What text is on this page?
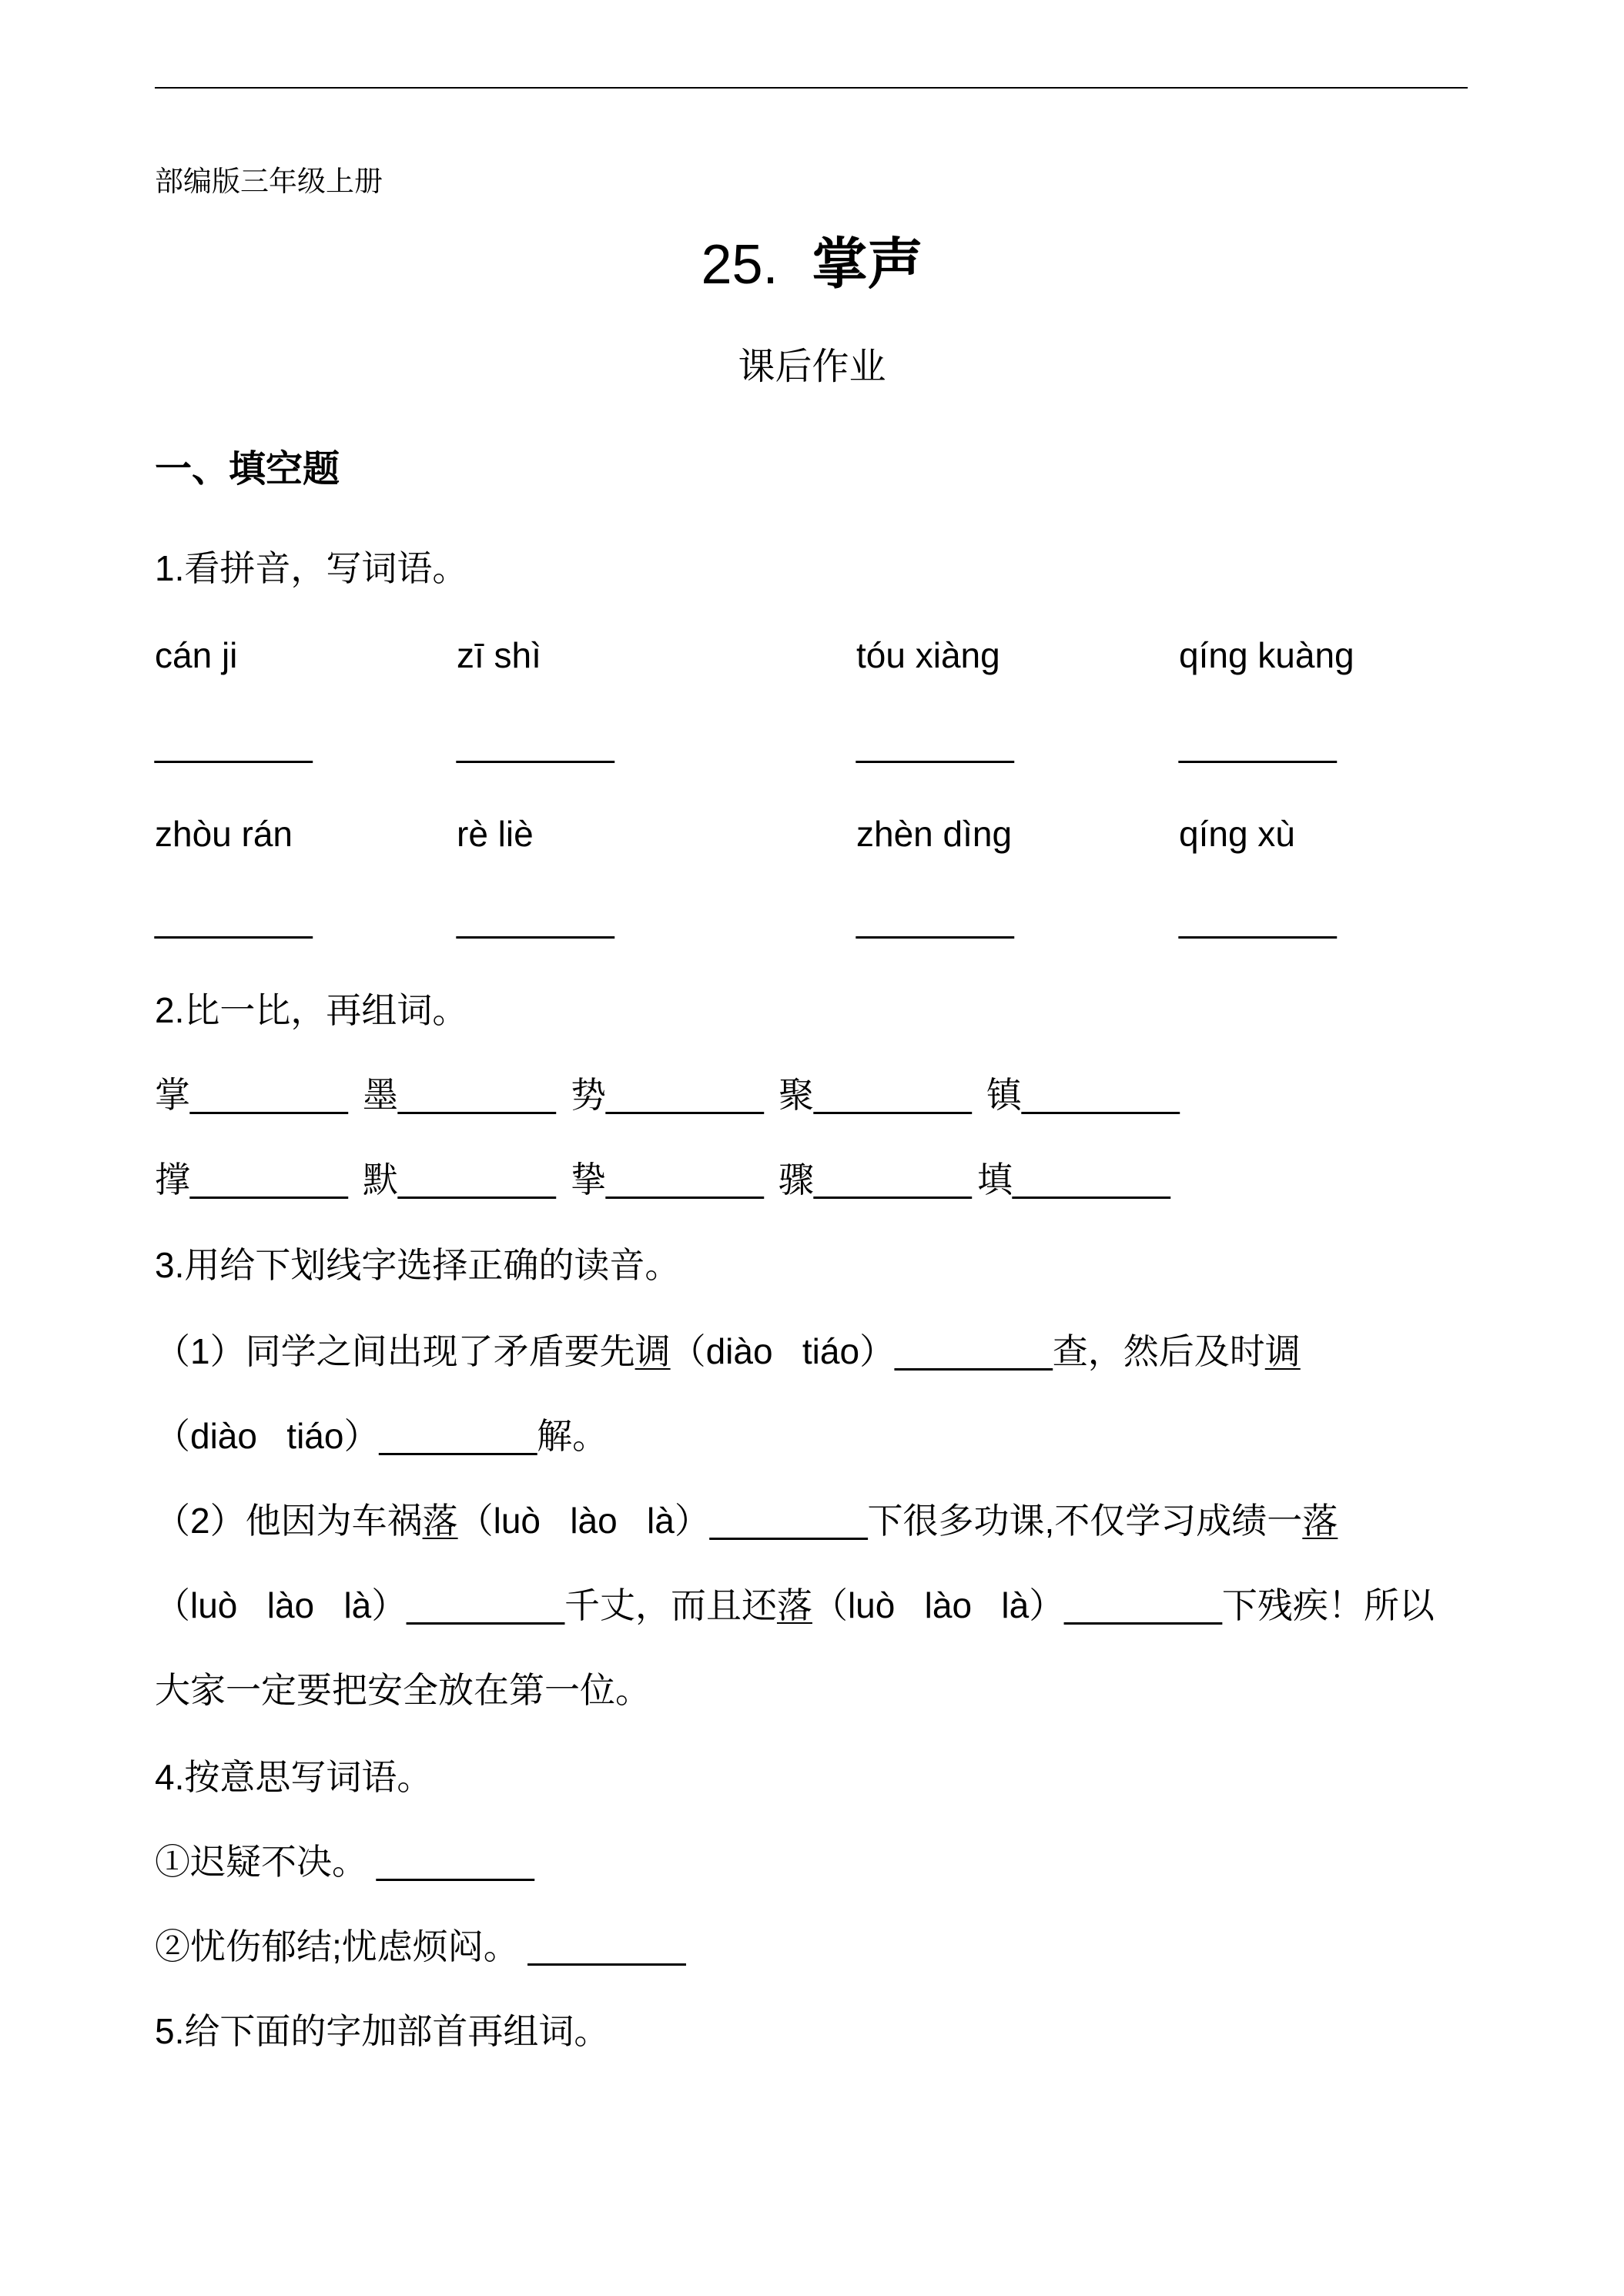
部编版三年级上册
25. 掌声
课后作业
一、填空题
1.看拼音，写词语。
cán ji	zī shì	tóu xiàng	qíng kuàng
________	________	________	________
zhòu rán	rè liè	zhèn dìng	qíng xù
________	________	________	________
2.比一比，再组词。
掌________ 墨________ 势________ 聚________ 镇________
撑________ 默________ 挚________ 骤________ 填________
3.用给下划线字选择正确的读音。
（1）同学之间出现了矛盾要先调（diào   tiáo）________查，然后及时调
（diào   tiáo）________解。
（2）他因为车祸落（luò   lào   là）________下很多功课,不仅学习成绩一落
（luò   lào   là）________千丈，而且还落（luò   lào   là）________下残疾！所以
大家一定要把安全放在第一位。
4.按意思写词语。
①迟疑不决。 ________
②忧伤郁结;忧虑烦闷。 ________
5.给下面的字加部首再组词。
